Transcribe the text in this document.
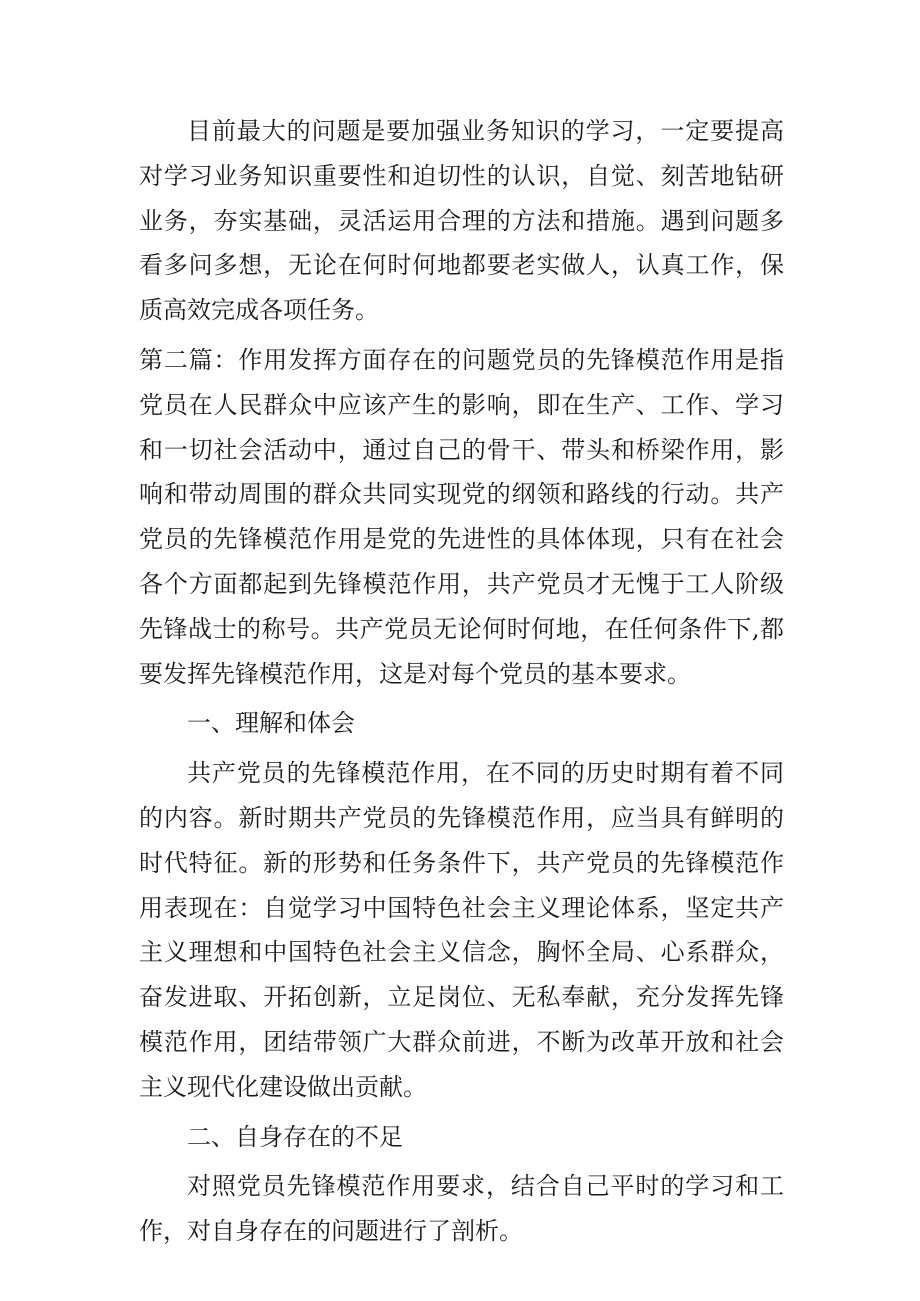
目前最大的问题是要加强业务知识的学习，一定要提高对学习业务知识重要性和迫切性的认识，自觉、刻苦地钻研业务，夯实基础，灵活运用合理的方法和措施。遇到问题多看多问多想，无论在何时何地都要老实做人，认真工作，保质高效完成各项任务。

第二篇：作用发挥方面存在的问题党员的先锋模范作用是指党员在人民群众中应该产生的影响，即在生产、工作、学习和一切社会活动中，通过自己的骨干、带头和桥梁作用，影响和带动周围的群众共同实现党的纲领和路线的行动。共产党员的先锋模范作用是党的先进性的具体体现，只有在社会各个方面都起到先锋模范作用，共产党员才无愧于工人阶级先锋战士的称号。共产党员无论何时何地，在任何条件下,都要发挥先锋模范作用，这是对每个党员的基本要求。

一、理解和体会

共产党员的先锋模范作用，在不同的历史时期有着不同的内容。新时期共产党员的先锋模范作用，应当具有鲜明的时代特征。新的形势和任务条件下，共产党员的先锋模范作用表现在：自觉学习中国特色社会主义理论体系，坚定共产主义理想和中国特色社会主义信念，胸怀全局、心系群众，奋发进取、开拓创新，立足岗位、无私奉献，充分发挥先锋模范作用，团结带领广大群众前进，不断为改革开放和社会主义现代化建设做出贡献。

二、自身存在的不足

对照党员先锋模范作用要求，结合自己平时的学习和工作，对自身存在的问题进行了剖析。
